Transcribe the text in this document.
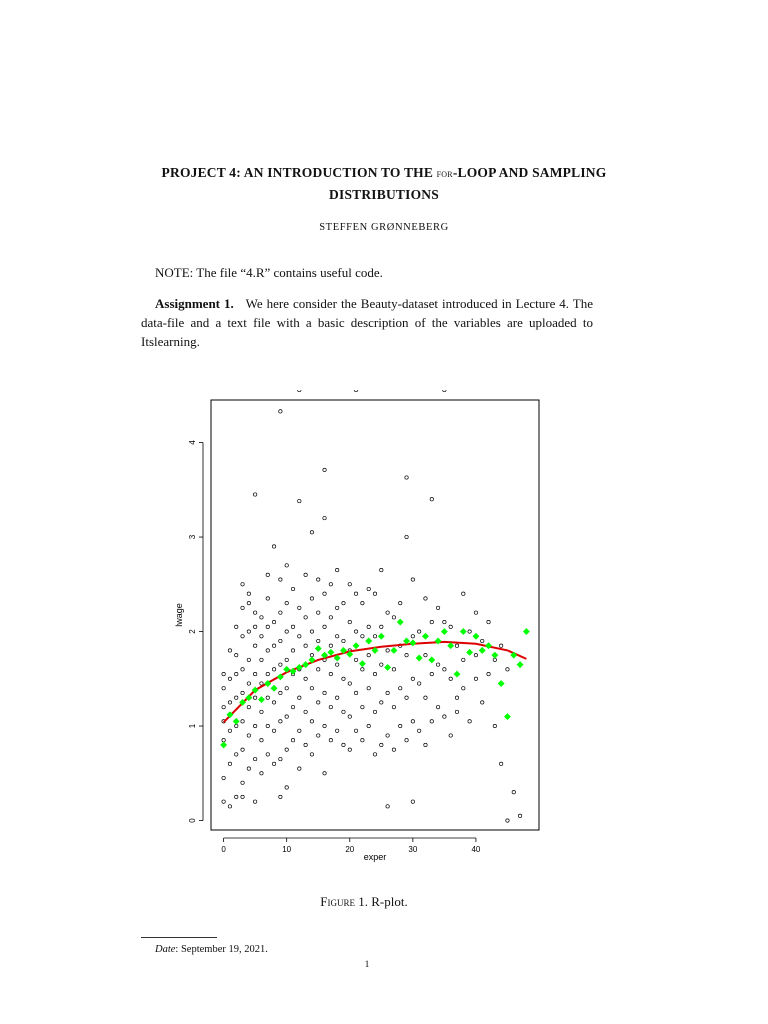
PROJECT 4: AN INTRODUCTION TO THE for-LOOP AND SAMPLING
DISTRIBUTIONS
STEFFEN GRØNNEBERG
NOTE: The file “4.R” contains useful code.
Assignment 1. We here consider the Beauty-dataset introduced in Lecture 4. The data-file and a text file with a basic description of the variables are uploaded to Itslearning.
0	10	20	30	40
0
1
2
3
4
exper
lwage
Figure 1. R-plot.
Date: September 19, 2021.
1
